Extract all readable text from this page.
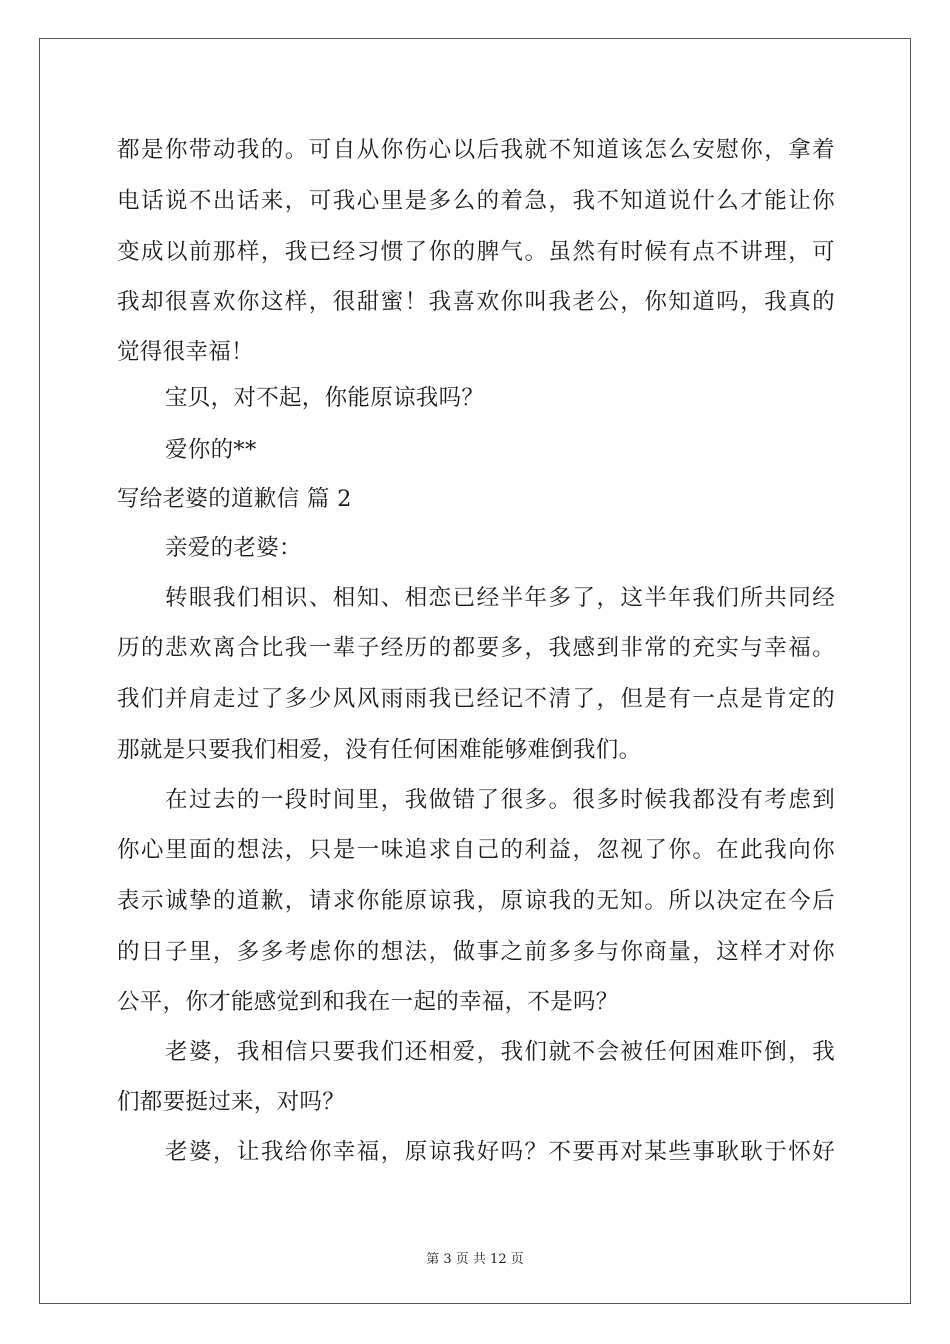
都是你带动我的。可自从你伤心以后我就不知道该怎么安慰你，拿着
电话说不出话来，可我心里是多么的着急，我不知道说什么才能让你
变成以前那样，我已经习惯了你的脾气。虽然有时候有点不讲理，可
我却很喜欢你这样，很甜蜜！我喜欢你叫我老公，你知道吗，我真的
觉得很幸福！
宝贝，对不起，你能原谅我吗？
爱你的**
写给老婆的道歉信 篇 2
亲爱的老婆：
转眼我们相识、相知、相恋已经半年多了，这半年我们所共同经
历的悲欢离合比我一辈子经历的都要多，我感到非常的充实与幸福。
我们并肩走过了多少风风雨雨我已经记不清了，但是有一点是肯定的
那就是只要我们相爱，没有任何困难能够难倒我们。
在过去的一段时间里，我做错了很多。很多时候我都没有考虑到
你心里面的想法，只是一味追求自己的利益，忽视了你。在此我向你
表示诚挚的道歉，请求你能原谅我，原谅我的无知。所以决定在今后
的日子里，多多考虑你的想法，做事之前多多与你商量，这样才对你
公平，你才能感觉到和我在一起的幸福，不是吗？
老婆，我相信只要我们还相爱，我们就不会被任何困难吓倒，我
们都要挺过来，对吗？
老婆，让我给你幸福，原谅我好吗？不要再对某些事耿耿于怀好
第 3 页 共 12 页
